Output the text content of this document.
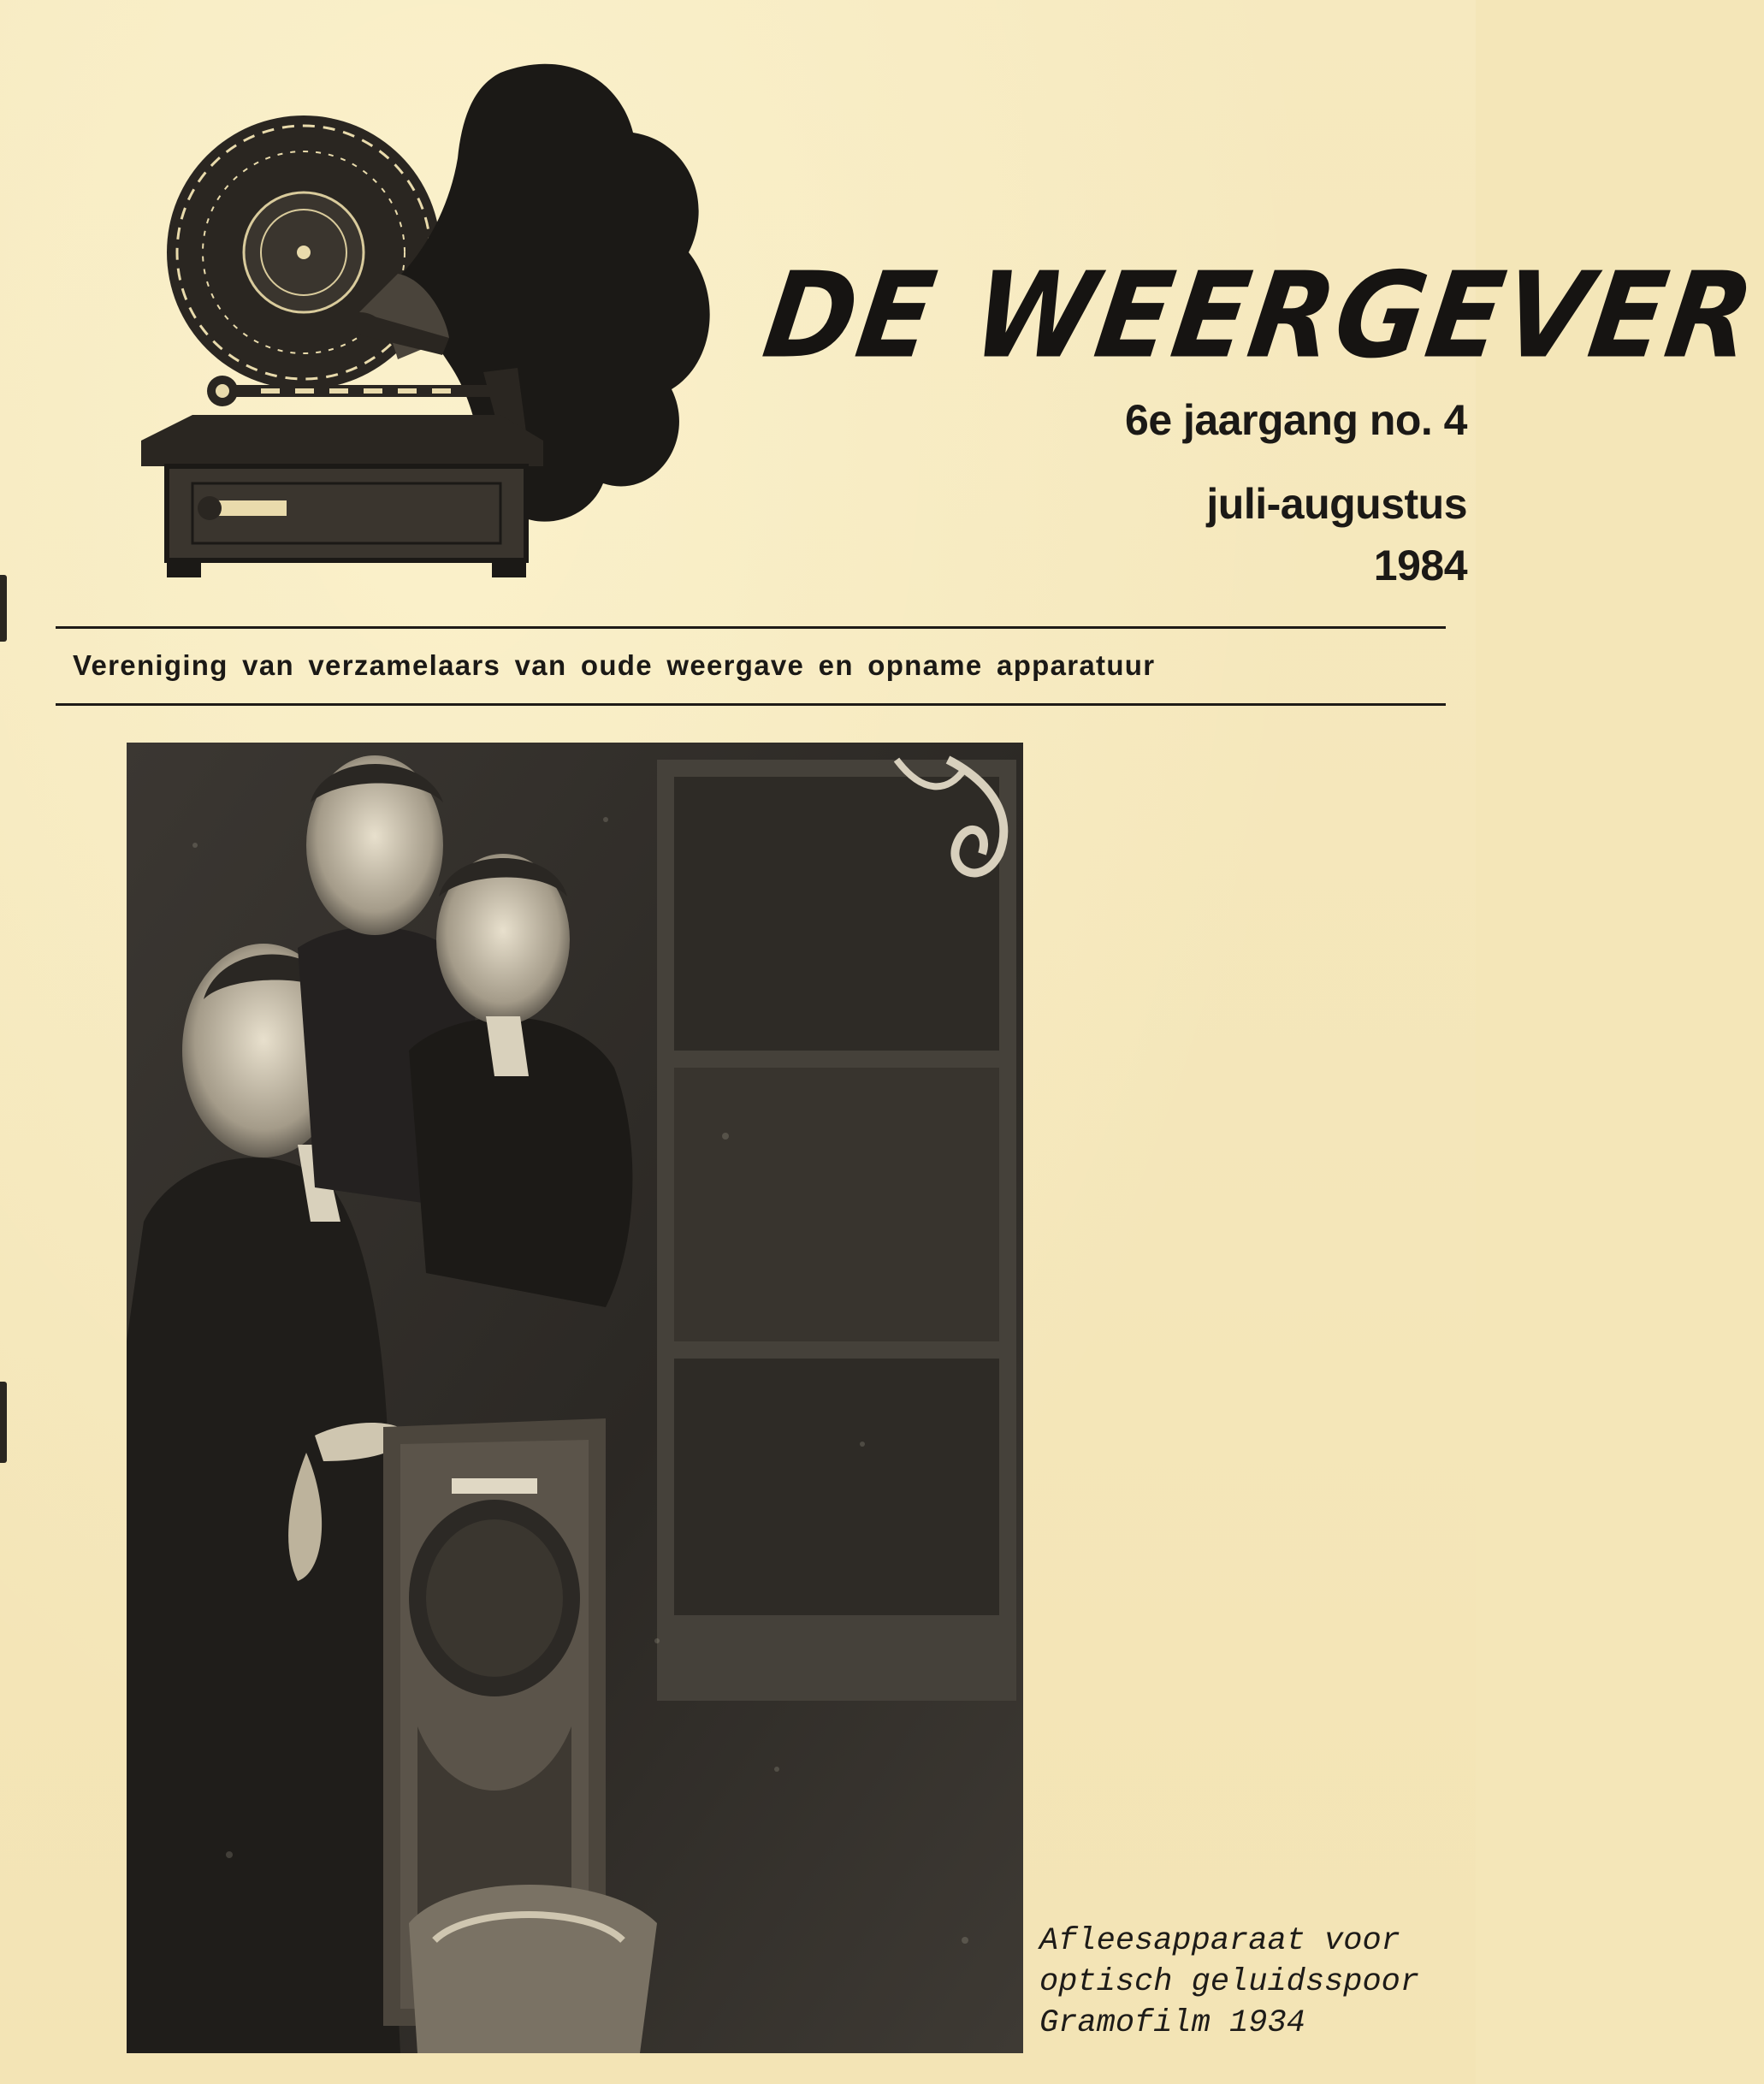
DE WEERGEVER
6e jaargang no. 4
juli-augustus
1984
Vereniging van verzamelaars van oude weergave en opname apparatuur
Afleesapparaat voor
optisch geluidsspoor
Gramofilm 1934
